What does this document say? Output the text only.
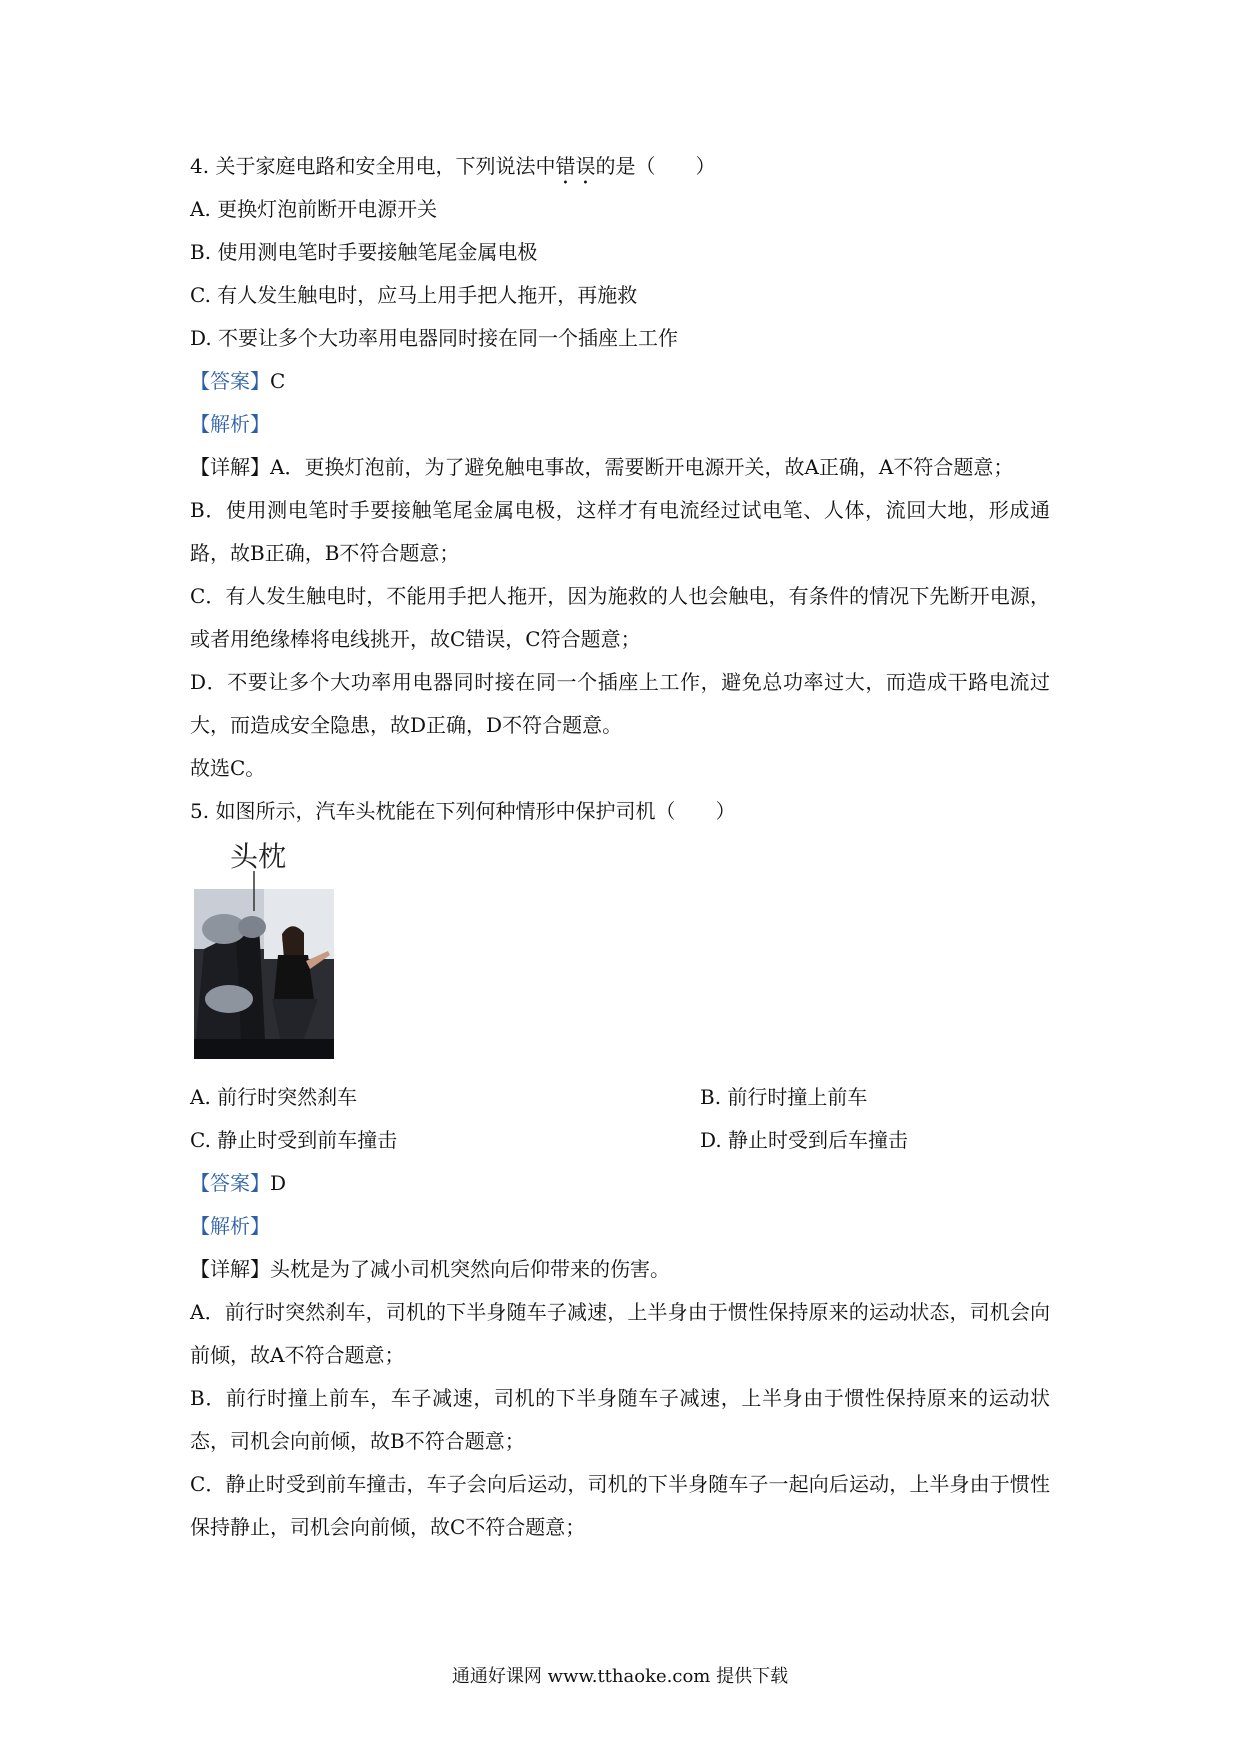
4. 关于家庭电路和安全用电，下列说法中错误的是（　　）
A. 更换灯泡前断开电源开关
B. 使用测电笔时手要接触笔尾金属电极
C. 有人发生触电时，应马上用手把人拖开，再施救
D. 不要让多个大功率用电器同时接在同一个插座上工作
【答案】C
【解析】
【详解】A．更换灯泡前，为了避免触电事故，需要断开电源开关，故A正确，A不符合题意；
B．使用测电笔时手要接触笔尾金属电极，这样才有电流经过试电笔、人体，流回大地，形成通路，故B正确，B不符合题意；
C．有人发生触电时，不能用手把人拖开，因为施救的人也会触电，有条件的情况下先断开电源，或者用绝缘棒将电线挑开，故C错误，C符合题意；
D．不要让多个大功率用电器同时接在同一个插座上工作，避免总功率过大，而造成干路电流过大，而造成安全隐患，故D正确，D不符合题意。
故选C。
5. 如图所示，汽车头枕能在下列何种情形中保护司机（　　）
头枕
A. 前行时突然刹车	B. 前行时撞上前车
C. 静止时受到前车撞击	D. 静止时受到后车撞击
【答案】D
【解析】
【详解】头枕是为了减小司机突然向后仰带来的伤害。
A．前行时突然刹车，司机的下半身随车子减速，上半身由于惯性保持原来的运动状态，司机会向前倾，故A不符合题意；
B．前行时撞上前车，车子减速，司机的下半身随车子减速，上半身由于惯性保持原来的运动状态，司机会向前倾，故B不符合题意；
C．静止时受到前车撞击，车子会向后运动，司机的下半身随车子一起向后运动，上半身由于惯性保持静止，司机会向前倾，故C不符合题意；
通通好课网 www.tthaoke.com 提供下载
